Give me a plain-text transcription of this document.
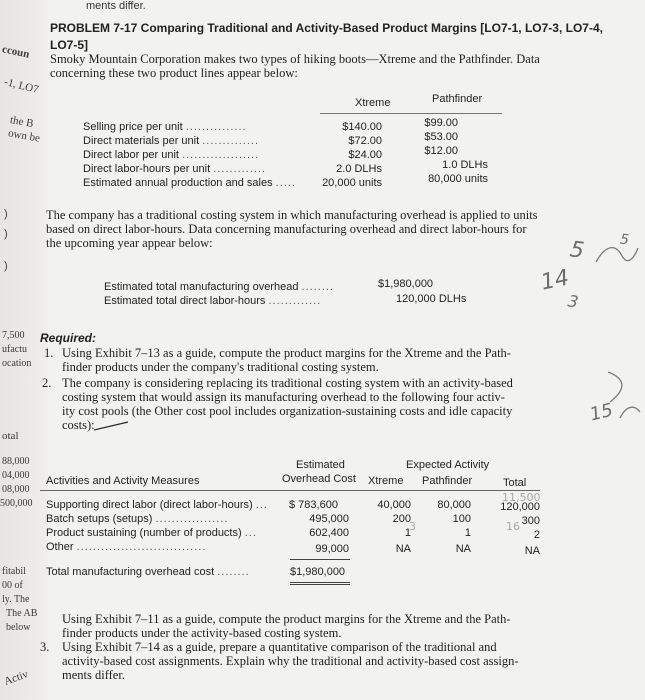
ccoun
-1, LO7
the B
own be
7,500
ufactu
ocation
otal
88,000
04,000
08,000
500,000
fitabil
00 of
ly. The
The AB
below
Activ
)
)
)
ments differ.
PROBLEM 7-17 Comparing Traditional and Activity-Based Product Margins [LO7-1, LO7-3, LO7-4,
LO7-5]
Smoky Mountain Corporation makes two types of hiking boots—Xtreme and the Pathfinder. Data
concerning these two product lines appear below:
Xtreme	Pathfinder
Selling price per unit ...............	$140.00	$99.00
Direct materials per unit ..............	$72.00	$53.00
Direct labor per unit ...................	$24.00	$12.00
Direct labor-hours per unit .............	2.0 DLHs	1.0 DLHs
Estimated annual production and sales .....	20,000 units	80,000 units
The company has a traditional costing system in which manufacturing overhead is applied to units
based on direct labor-hours. Data concerning manufacturing overhead and direct labor-hours for
the upcoming year appear below:
Estimated total manufacturing overhead ........	$1,980,000
Estimated total direct labor-hours .............	120,000 DLHs
Required:
1. Using Exhibit 7–13 as a guide, compute the product margins for the Xtreme and the Path-
finder products under the company's traditional costing system.
2. The company is considering replacing its traditional costing system with an activity-based
costing system that would assign its manufacturing overhead to the following four activ-
ity cost pools (the Other cost pool includes organization-sustaining costs and idle capacity
costs):
Estimated
Overhead Cost
Expected Activity
Activities and Activity Measures	Xtreme Pathfinder	Total
Supporting direct labor (direct labor-hours) ... $ 783,600	40,000	80,000	120,000
Batch setups (setups) ..................	495,000	200	100	300
Product sustaining (number of products) ...	602,400	1	1	2
Other ................................	99,000	NA	NA	NA
Total manufacturing overhead cost ........	$1,980,000
11,500
3	16
Using Exhibit 7–11 as a guide, compute the product margins for the Xtreme and the Path-
finder products under the activity-based costing system.
3. Using Exhibit 7–14 as a guide, prepare a quantitative comparison of the traditional and
activity-based cost assignments. Explain why the traditional and activity-based cost assign-
ments differ.
14
5
3
5
15
